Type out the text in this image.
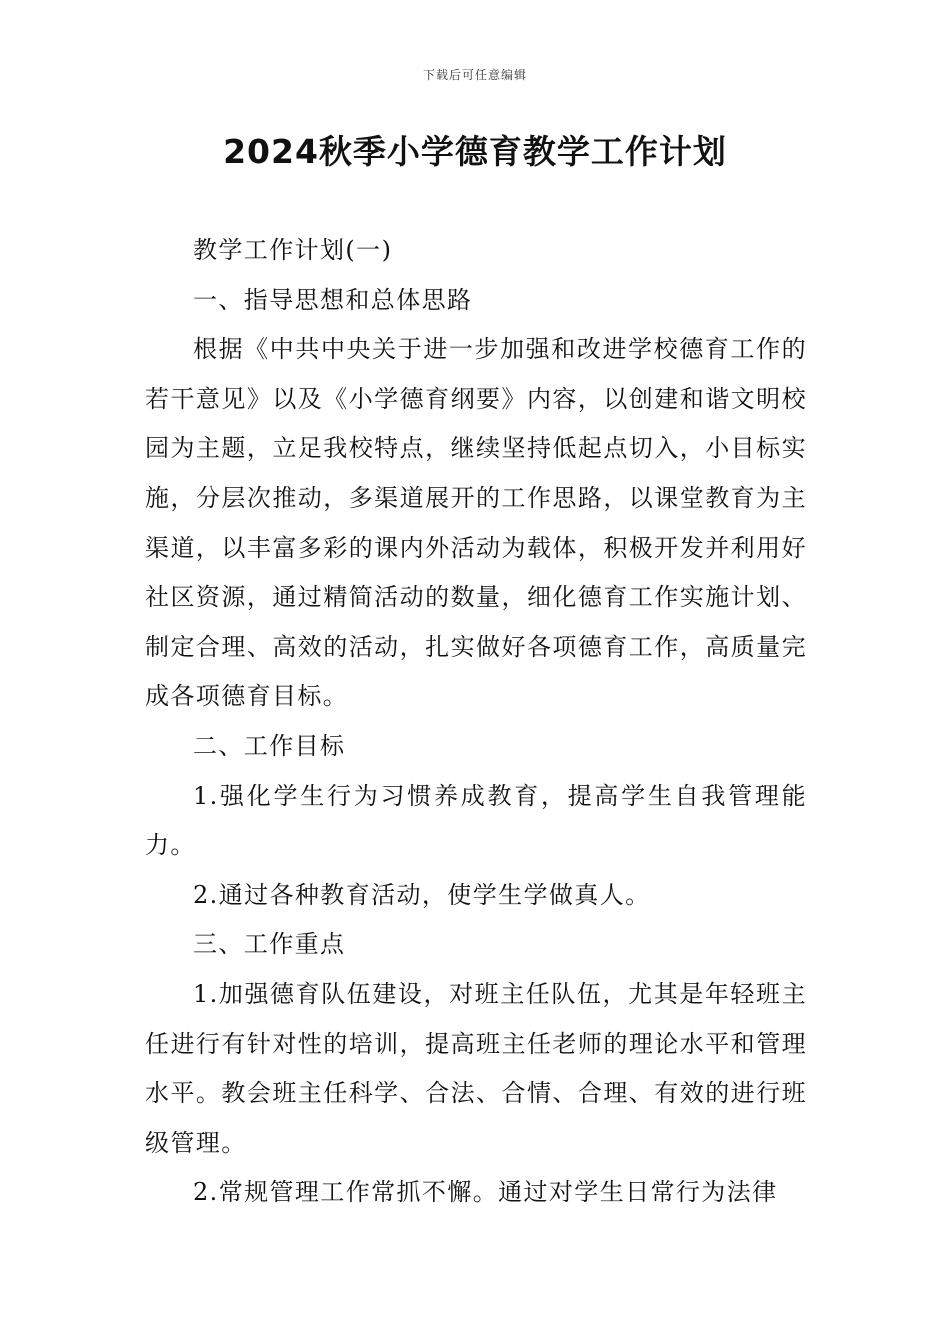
下载后可任意编辑
2024秋季小学德育教学工作计划

教学工作计划(一)

一、指导思想和总体思路

根据《中共中央关于进一步加强和改进学校德育工作的若干意见》以及《小学德育纲要》内容，以创建和谐文明校园为主题，立足我校特点，继续坚持低起点切入，小目标实施，分层次推动，多渠道展开的工作思路，以课堂教育为主渠道，以丰富多彩的课内外活动为载体，积极开发并利用好社区资源，通过精简活动的数量，细化德育工作实施计划、制定合理、高效的活动，扎实做好各项德育工作，高质量完成各项德育目标。

二、工作目标

1.强化学生行为习惯养成教育，提高学生自我管理能力。

2.通过各种教育活动，使学生学做真人。

三、工作重点

1.加强德育队伍建设，对班主任队伍，尤其是年轻班主任进行有针对性的培训，提高班主任老师的理论水平和管理水平。教会班主任科学、合法、合情、合理、有效的进行班级管理。

2.常规管理工作常抓不懈。通过对学生日常行为法律
